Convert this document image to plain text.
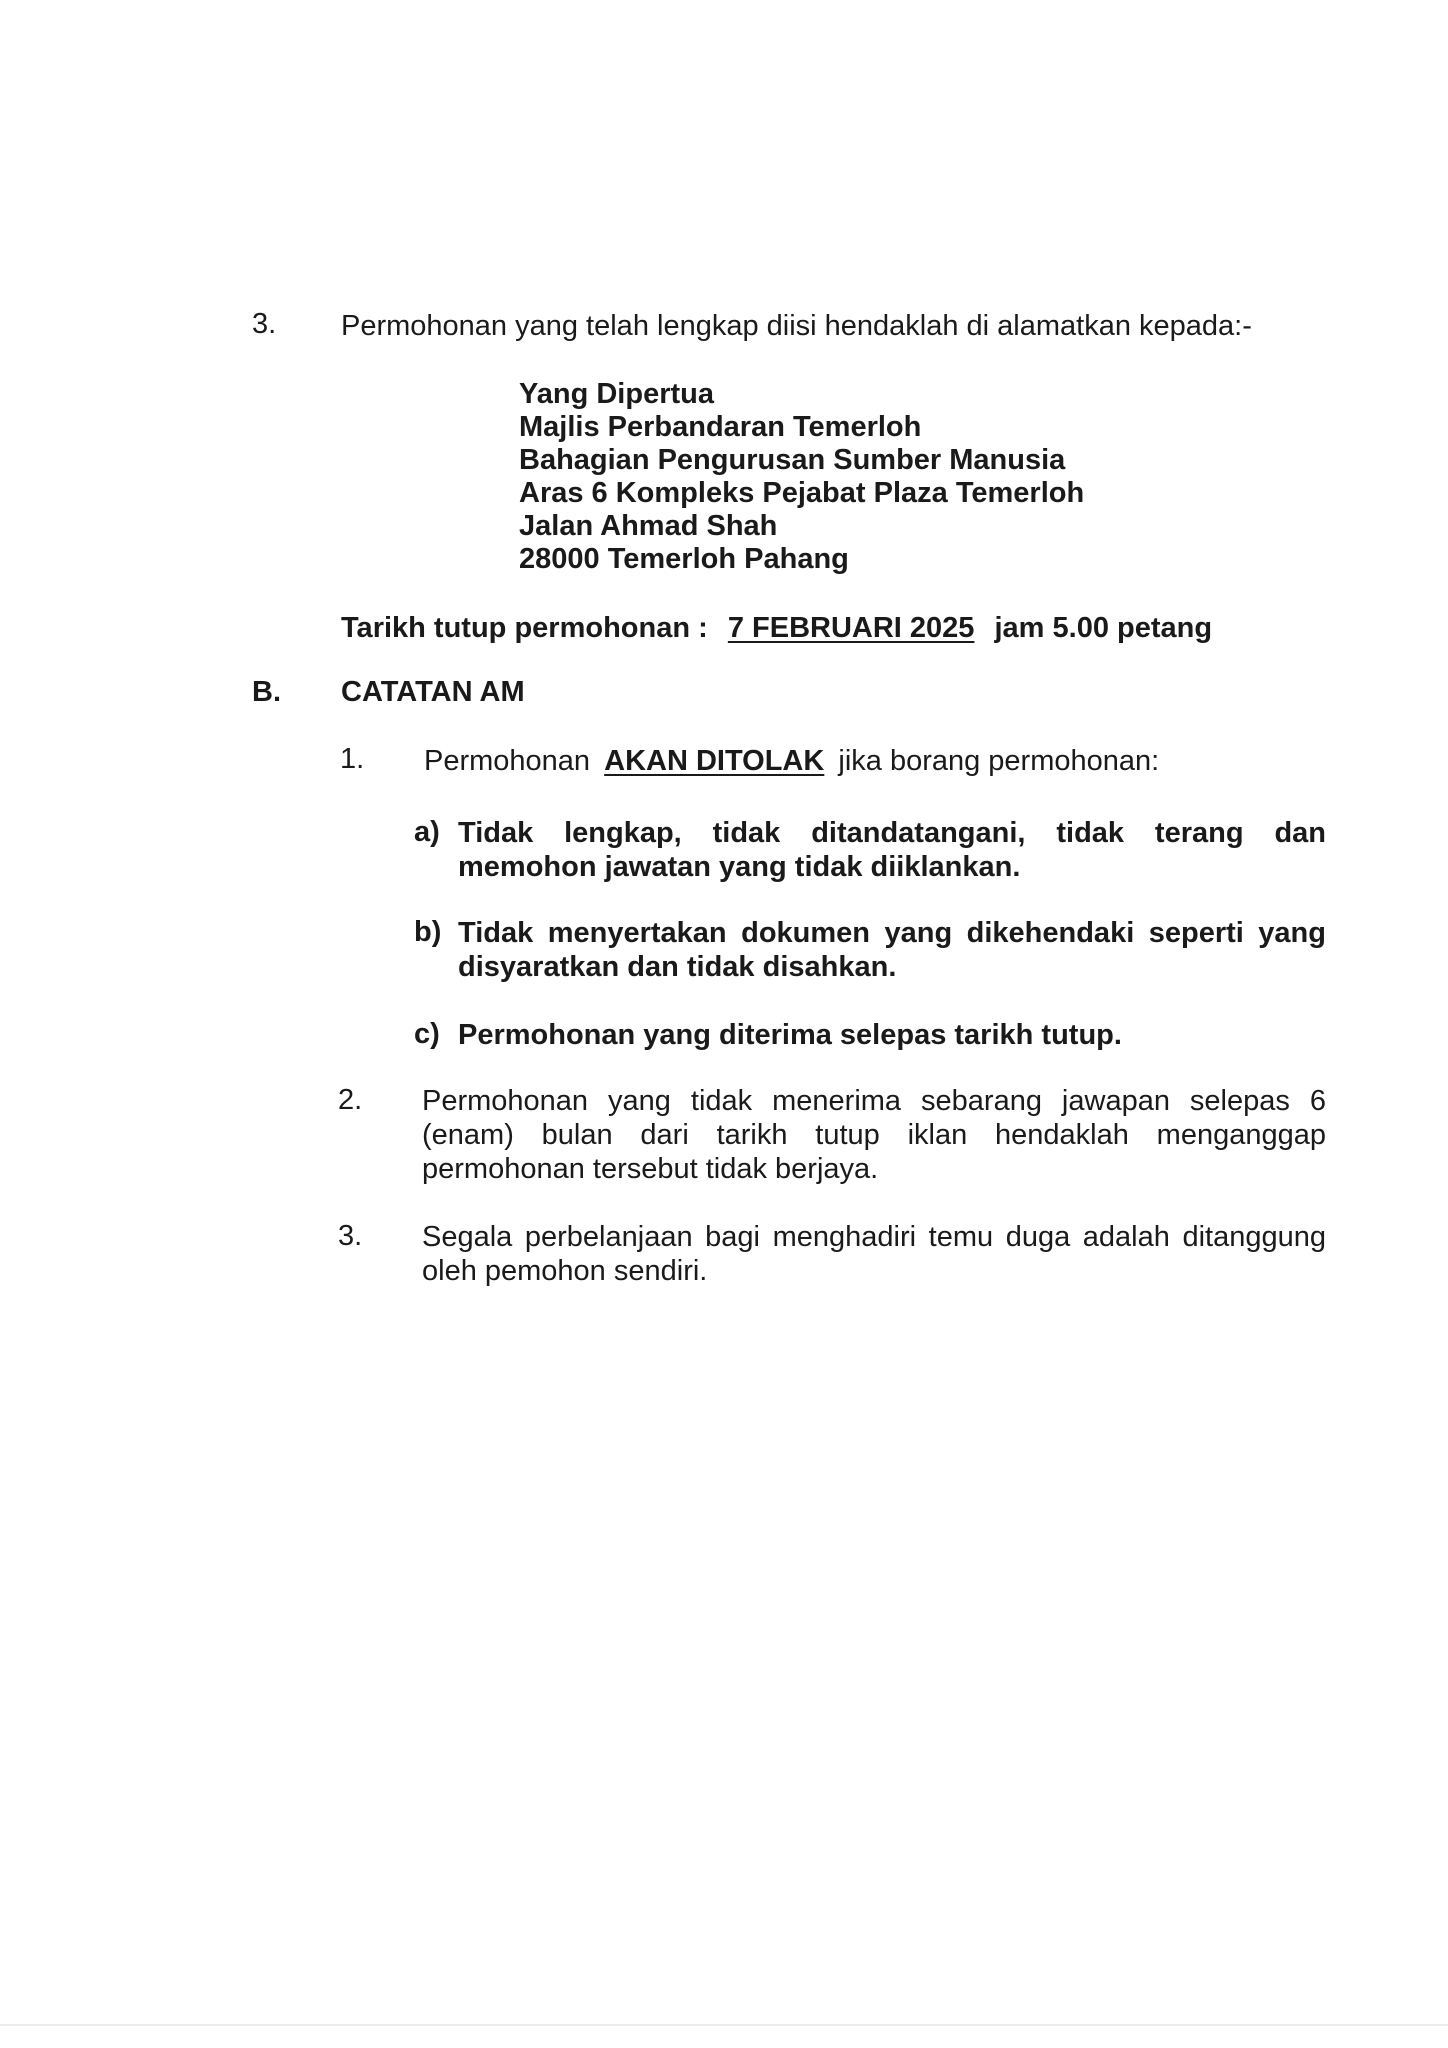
3. Permohonan yang telah lengkap diisi hendaklah di alamatkan kepada:-
Yang Dipertua
Majlis Perbandaran Temerloh
Bahagian Pengurusan Sumber Manusia
Aras 6 Kompleks Pejabat Plaza Temerloh
Jalan Ahmad Shah
28000 Temerloh Pahang
Tarikh tutup permohonan : 7 FEBRUARI 2025 jam 5.00 petang
B. CATATAN AM
1. Permohonan AKAN DITOLAK jika borang permohonan:
a) Tidak lengkap, tidak ditandatangani, tidak terang dan memohon jawatan yang tidak diiklankan.
b) Tidak menyertakan dokumen yang dikehendaki seperti yang disyaratkan dan tidak disahkan.
c) Permohonan yang diterima selepas tarikh tutup.
2. Permohonan yang tidak menerima sebarang jawapan selepas 6 (enam) bulan dari tarikh tutup iklan hendaklah menganggap permohonan tersebut tidak berjaya.
3. Segala perbelanjaan bagi menghadiri temu duga adalah ditanggung oleh pemohon sendiri.
